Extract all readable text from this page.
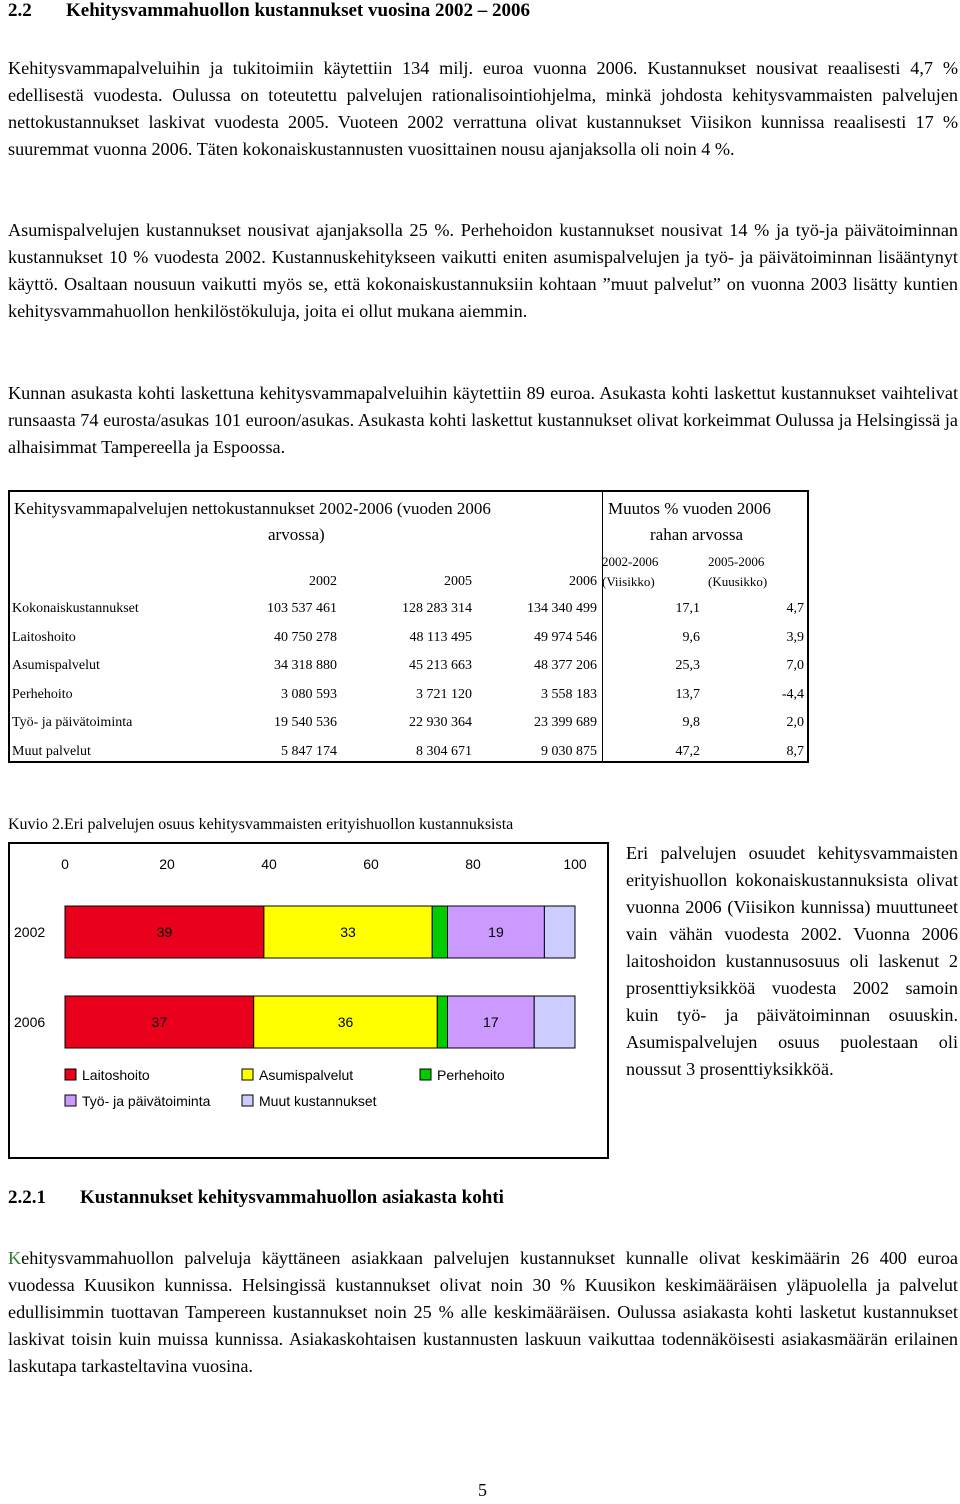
2.2 Kehitysvammahuollon kustannukset vuosina 2002 – 2006
Kehitysvammapalveluihin ja tukitoimiin käytettiin 134 milj. euroa vuonna 2006. Kustannukset nousivat reaalisesti 4,7 % edellisestä vuodesta. Oulussa on toteutettu palvelujen rationalisointiohjelma, minkä johdosta kehitysvammaisten palvelujen nettokustannukset laskivat vuodesta 2005. Vuoteen 2002 verrattuna olivat kustannukset Viisikon kunnissa reaalisesti 17 % suuremmat vuonna 2006. Täten kokonaiskustannusten vuosittainen nousu ajanjaksolla oli noin 4 %.
Asumispalvelujen kustannukset nousivat ajanjaksolla 25 %. Perhehoidon kustannukset nousivat 14 % ja työ-ja päivätoiminnan kustannukset 10 % vuodesta 2002. Kustannuskehitykseen vaikutti eniten asumispalvelujen ja työ- ja päivätoiminnan lisääntynyt käyttö. Osaltaan nousuun vaikutti myös se, että kokonaiskustannuksiin kohtaan ”muut palvelut” on vuonna 2003 lisätty kuntien kehitysvammahuollon henkilöstökuluja, joita ei ollut mukana aiemmin.
Kunnan asukasta kohti laskettuna kehitysvammapalveluihin käytettiin 89 euroa. Asukasta kohti laskettut kustannukset vaihtelivat runsaasta 74 eurosta/asukas 101 euroon/asukas. Asukasta kohti laskettut kustannukset olivat korkeimmat Oulussa ja Helsingissä ja alhaisimmat Tampereella ja Espoossa.
Kehitysvammapalvelujen nettokustannukset 2002-2006 (vuoden 2006
arvossa)
Muutos % vuoden 2006
rahan arvossa
2002-2006
(Viisikko)
2005-2006
(Kuusikko)
2002	2005	2006
Kokonaiskustannukset	103 537 461	128 283 314	134 340 499	17,1	4,7
Laitoshoito	40 750 278	48 113 495	49 974 546	9,6	3,9
Asumispalvelut	34 318 880	45 213 663	48 377 206	25,3	7,0
Perhehoito	3 080 593	3 721 120	3 558 183	13,7	-4,4
Työ- ja päivätoiminta	19 540 536	22 930 364	23 399 689	9,8	2,0
Muut palvelut	5 847 174	8 304 671	9 030 875	47,2	8,7
Kuvio 2.Eri palvelujen osuus kehitysvammaisten erityishuollon kustannuksista
0	20	40	60	80	100
2002	39	33	19
2006	37	36	17
Laitoshoito	Asumispalvelut	Perhehoito
Työ- ja päivätoiminta	Muut kustannukset
Eri palvelujen osuudet kehitysvammaisten erityishuollon kokonaiskustannuksista olivat vuonna 2006 (Viisikon kunnissa) muuttuneet vain vähän vuodesta 2002. Vuonna 2006 laitoshoidon kustannusosuus oli laskenut 2 prosenttiyksikköä vuodesta 2002 samoin kuin työ- ja päivätoiminnan osuuskin. Asumispalvelujen osuus puolestaan oli noussut 3 prosenttiyksikköä.
2.2.1 Kustannukset kehitysvammahuollon asiakasta kohti
Kehitysvammahuollon palveluja käyttäneen asiakkaan palvelujen kustannukset kunnalle olivat keskimäärin 26 400 euroa vuodessa Kuusikon kunnissa. Helsingissä kustannukset olivat noin 30 % Kuusikon keskimääräisen yläpuolella ja palvelut edullisimmin tuottavan Tampereen kustannukset noin 25 % alle keskimääräisen. Oulussa asiakasta kohti lasketut kustannukset laskivat toisin kuin muissa kunnissa. Asiakaskohtaisen kustannusten laskuun vaikuttaa todennäköisesti asiakasmäärän erilainen laskutapa tarkasteltavina vuosina.
5
